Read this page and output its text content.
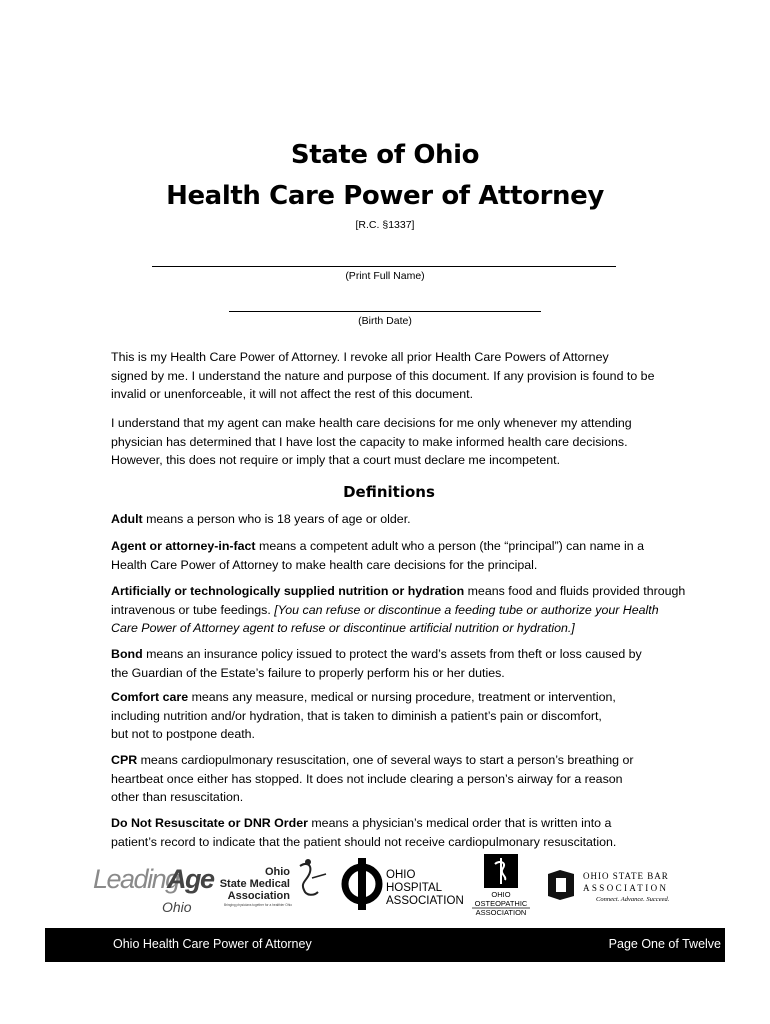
State of Ohio
Health Care Power of Attorney
[R.C. §1337]
(Print Full Name)
(Birth Date)
This is my Health Care Power of Attorney. I revoke all prior Health Care Powers of Attorney
signed by me. I understand the nature and purpose of this document. If any provision is found to be
invalid or unenforceable, it will not affect the rest of this document.
I understand that my agent can make health care decisions for me only whenever my attending
physician has determined that I have lost the capacity to make informed health care decisions.
However, this does not require or imply that a court must declare me incompetent.
Definitions
Adult means a person who is 18 years of age or older.
Agent or attorney-in-fact means a competent adult who a person (the “principal”) can name in a
Health Care Power of Attorney to make health care decisions for the principal.
Artificially or technologically supplied nutrition or hydration means food and fluids provided through
intravenous or tube feedings. [You can refuse or discontinue a feeding tube or authorize your Health
Care Power of Attorney agent to refuse or discontinue artificial nutrition or hydration.]
Bond means an insurance policy issued to protect the ward’s assets from theft or loss caused by
the Guardian of the Estate’s failure to properly perform his or her duties.
Comfort care means any measure, medical or nursing procedure, treatment or intervention,
including nutrition and/or hydration, that is taken to diminish a patient’s pain or discomfort,
but not to postpone death.
CPR means cardiopulmonary resuscitation, one of several ways to start a person’s breathing or
heartbeat once either has stopped. It does not include clearing a person’s airway for a reason
other than resuscitation.
Do Not Resuscitate or DNR Order means a physician’s medical order that is written into a
patient’s record to indicate that the patient should not receive cardiopulmonary resuscitation.
Leading
Age
Ohio
Ohio
State Medical
Association
Bringing physicians together for a healthier Ohio
OHIO
HOSPITAL
ASSOCIATION
OHIO
OSTEOPATHIC
ASSOCIATION
OHIO STATE BAR
ASSOCIATION
Connect. Advance. Succeed.
Ohio Health Care Power of Attorney	Page One of Twelve
